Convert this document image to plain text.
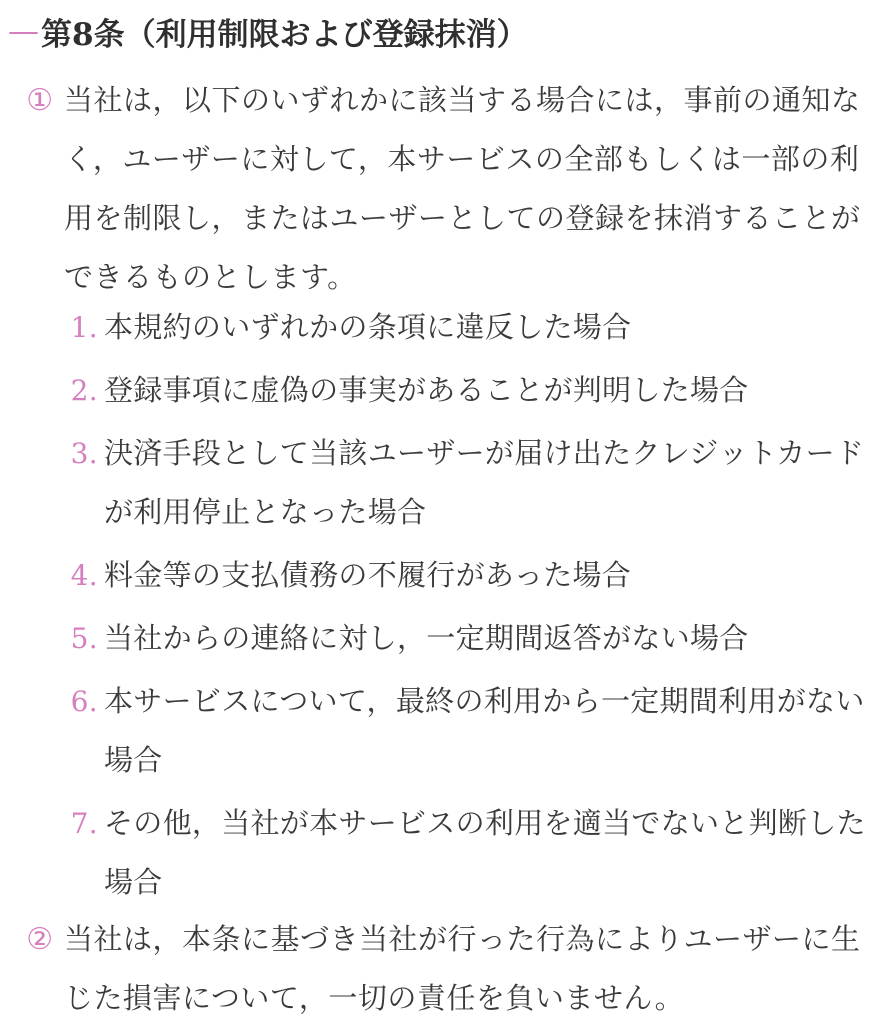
— 第8条（利用制限および登録抹消）
① 当社は，以下のいずれかに該当する場合には，事前の通知なく，ユーザーに対して，本サービスの全部もしくは一部の利用を制限し，またはユーザーとしての登録を抹消することができるものとします。
1 . 本規約のいずれかの条項に違反した場合
2 . 登録事項に虚偽の事実があることが判明した場合
3 . 決済手段として当該ユーザーが届け出たクレジットカードが利用停止となった場合
4 . 料金等の支払債務の不履行があった場合
5 . 当社からの連絡に対し，一定期間返答がない場合
6 . 本サービスについて，最終の利用から一定期間利用がない場合
7 . その他，当社が本サービスの利用を適当でないと判断した場合
② 当社は，本条に基づき当社が行った行為によりユーザーに生じた損害について，一切の責任を負いません。
